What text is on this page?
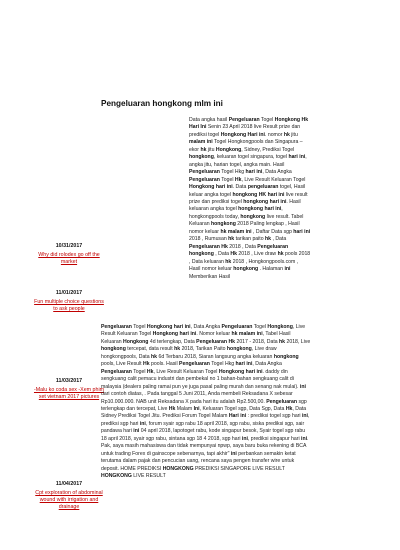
Pengeluaran hongkong mlm ini
10/31/2017
Why did rolodex go off the market
11/01/2017
Fun multiple choice questions to ask people
11/03/2017
-Malu ko coda sex -Xem phim xet vietnam 2017 pictures
11/04/2017
Cpt exploration of abdominal wound with irrigation and drainage

Data angka hasil Pengeluaran Togel Hongkong Hk Hari Ini Senin 23 April 2018 live Result prize dan prediksi togel Hongkong Hari ini. nomor hk jitu malam ini Togel Hongkongpools dan Singapura – ekor hk jitu Hongkong, Sidney, Prediksi Togel hongkong, keluaran togel singapura, togel hari ini, angka jitu, harian togel, angka main. Hasil Pengeluaran Togel Hkg hari ini, Data Angka Pengeluaran Togel Hk, Live Result Keluaran Togel Hongkong hari ini. Data pengeluaran togel, Hasil keluar angka togel hongkong HK hari ini live result prize dan prediksi togel hongkong hari ini. Hasil keluaran angka togel hongkong hari ini, hongkongpools today, hongkong live result. Tabel Keluaran hongkong 2018 Paling lengkap , Hasil nomor keluar hk malam ini , Daftar Data sgp hari ini 2018 , Rumusan hk tarikan paito hk , Data Pengeluaran Hk 2018 , Data Pengeluaran hongkong , Data Hk 2018 , Live draw hk pools 2018 , Data keluaran hk 2018 , Hongkongpools.com , Hasil nomor keluar hongkong . Halaman ini Memberikan Hasil

Pengeluaran Togel Hongkong hari ini, Data Angka Pengeluaran Togel Hongkong, Live Result Keluaran Togel Hongkong hari ini. Nomor keluar hk malam ini, Tabel Hasil Keluaran Hongkong 4d terlengkap, Data Pengeluaran Hk 2017 - 2018, Data hk 2018, Live hongkong tercepat, data result hk 2018, Tarikan Paito hongkong, Live draw hongkongpools, Data hk 6d Terbaru 2018, Siaran langsung angka keluaran hongkong pools, Live Result Hk pools. Hasil Pengeluaran Togel Hkg hari ini, Data Angka Pengeluaran Togel Hk, Live Result Keluaran Togel Hongkong hari ini. daddy din sengkuang calit pemacu industri dan pembekal no 1 bahan-bahan sengkuang calit di malaysia (dealers paling ramai pun ye juga pasal paling murah dan senang nak mulai). ini dari contoh diatas, . Pada tanggal 5 Juni 2011, Anda membeli Reksadana X sebesar Rp10.000.000. NAB unit Reksadana X pada hari itu adalah Rp2.500,00. Pengeluaran sgp terlengkap dan tercepat, Live Hk Malam Ini, Keluaran Togel sgp, Data Sgp, Data Hk, Data Sidney Prediksi Togel Jitu. Prediksi Forum Togel Malam Hari ini : prediksi togel sgp hari ini, prediksi sgp hari ini, forum syair sgp rabu 18 april 2018, sgp rabu, siska prediksi sgp, sair pandawa hari ini 04 april 2018, lapotoget rabu, kode singapur besok, Syair togel sgp rabu 18 april 2018, syair sgp rabu, sintana sgp 18 4 2018, sgp hari ini, prediksi singapur hari ini. Pak, saya masih mahasiswa dan tidak mempunyai npwp, saya baru buka rekening di BCA untuk trading Forex di gainscope sebenarnya, tapi akhir" ini perbankan semakin ketat terutama dalam pajak dan pencucian uang, rencana saya pengen transfer wire untuk deposit. HOME PREDIKSI HONGKONG PREDIKSI SINGAPORE LIVE RESULT HONGKONG LIVE RESULT
